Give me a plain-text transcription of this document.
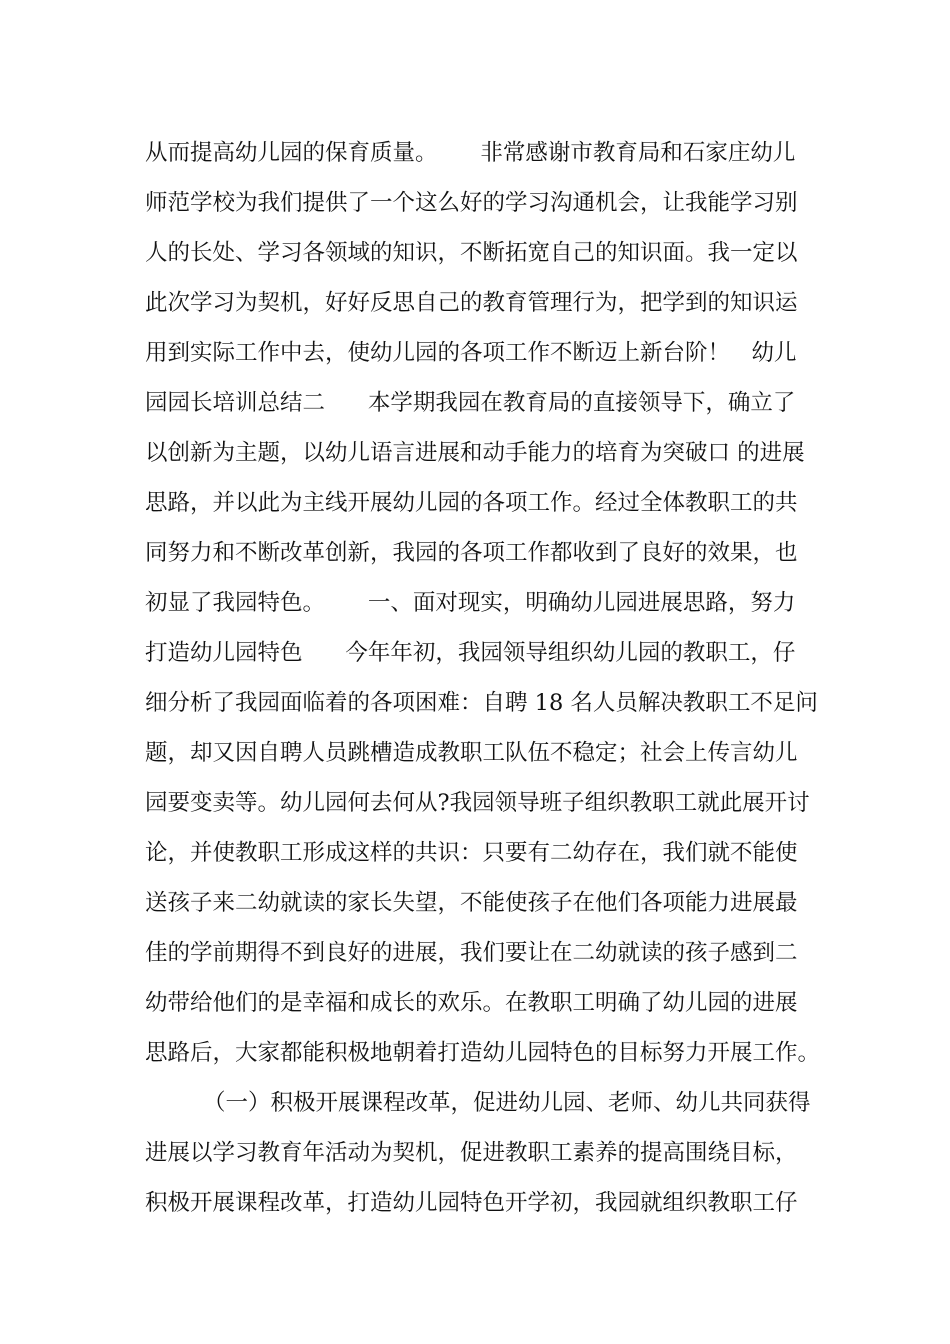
从而提高幼儿园的保育质量。      非常感谢市教育局和石家庄幼儿
师范学校为我们提供了一个这么好的学习沟通机会，让我能学习别
人的长处、学习各领域的知识，不断拓宽自己的知识面。我一定以
此次学习为契机，好好反思自己的教育管理行为，把学到的知识运
用到实际工作中去，使幼儿园的各项工作不断迈上新台阶！   幼儿
园园长培训总结二      本学期我园在教育局的直接领导下，确立了
以创新为主题，以幼儿语言进展和动手能力的培育为突破口 的进展
思路，并以此为主线开展幼儿园的各项工作。经过全体教职工的共
同努力和不断改革创新，我园的各项工作都收到了良好的效果，也
初显了我园特色。      一、面对现实，明确幼儿园进展思路，努力
打造幼儿园特色      今年年初，我园领导组织幼儿园的教职工，仔
细分析了我园面临着的各项困难：自聘 18 名人员解决教职工不足问
题，却又因自聘人员跳槽造成教职工队伍不稳定；社会上传言幼儿
园要变卖等。幼儿园何去何从?我园领导班子组织教职工就此展开讨
论，并使教职工形成这样的共识：只要有二幼存在，我们就不能使
送孩子来二幼就读的家长失望，不能使孩子在他们各项能力进展最
佳的学前期得不到良好的进展，我们要让在二幼就读的孩子感到二
幼带给他们的是幸福和成长的欢乐。在教职工明确了幼儿园的进展
思路后，大家都能积极地朝着打造幼儿园特色的目标努力开展工作。
（一）积极开展课程改革，促进幼儿园、老师、幼儿共同获得
进展以学习教育年活动为契机，促进教职工素养的提高围绕目标，
积极开展课程改革，打造幼儿园特色开学初，我园就组织教职工仔
